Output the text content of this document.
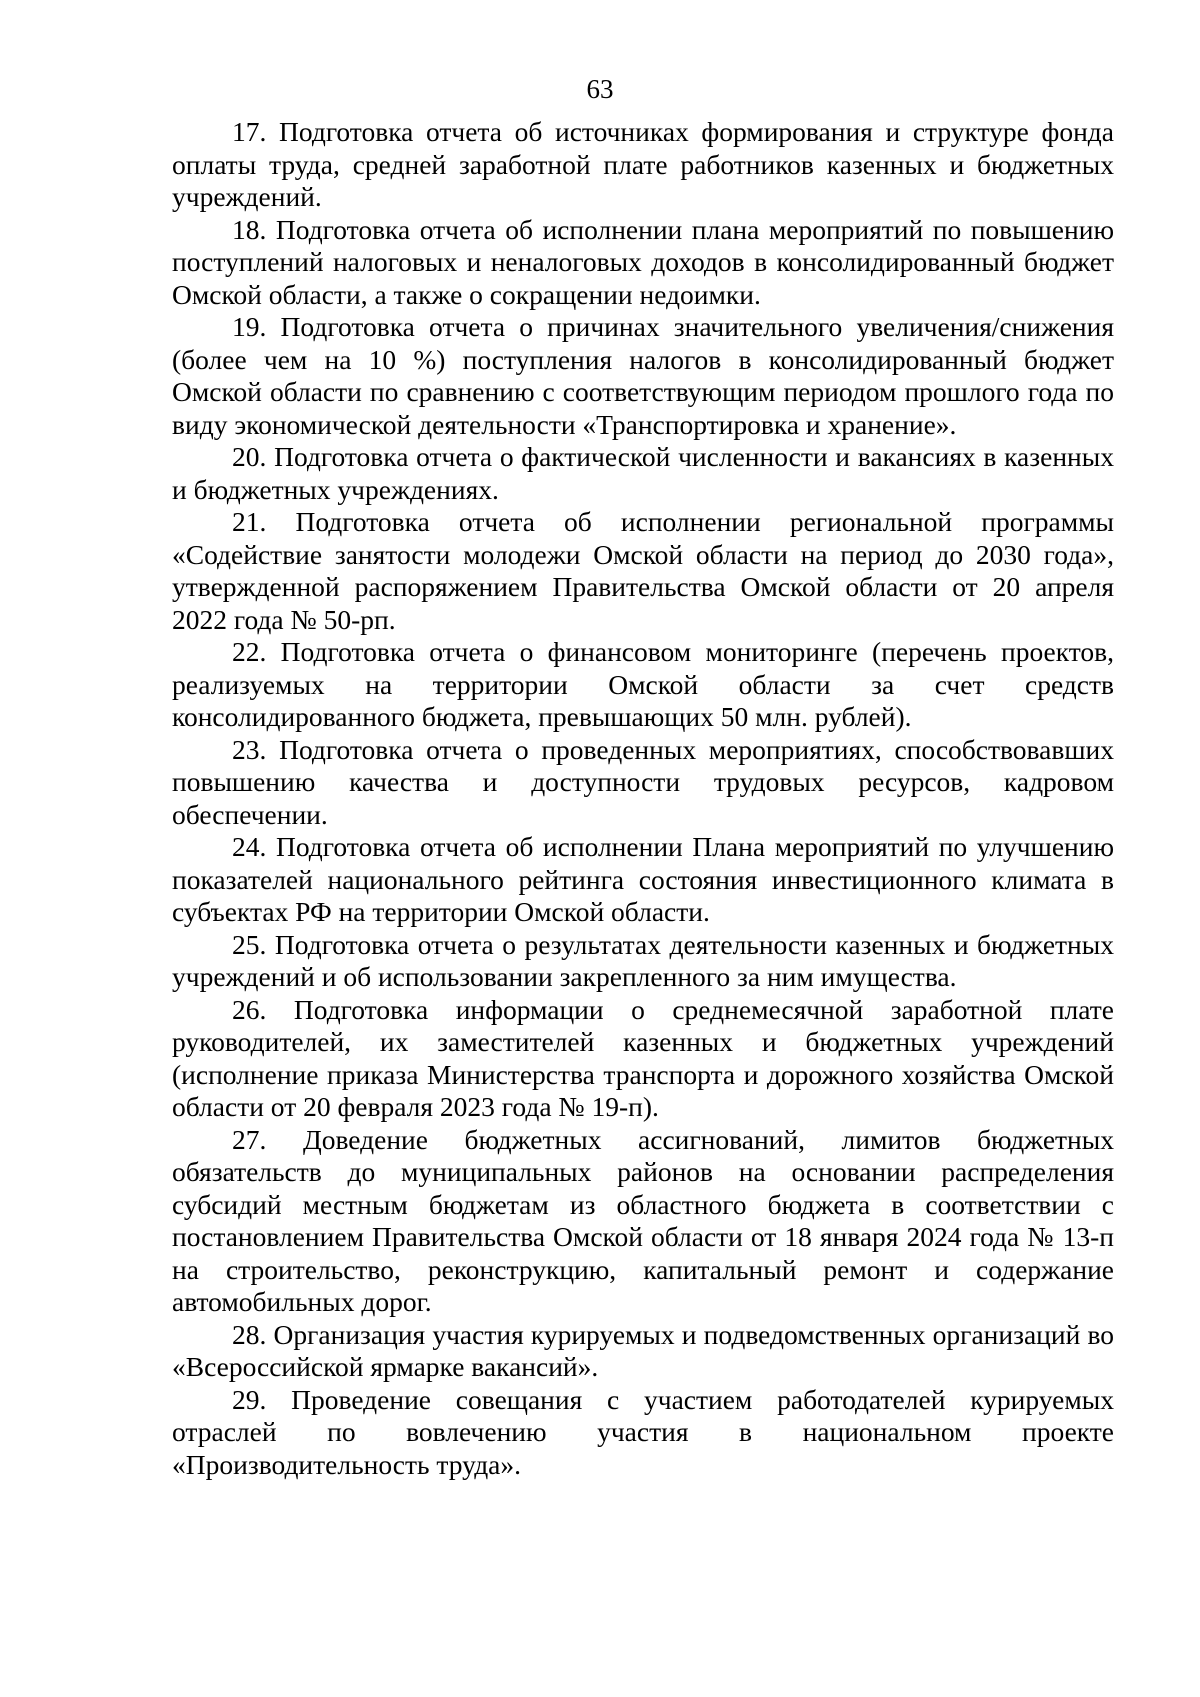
63

17. Подготовка отчета об источниках формирования и структуре фонда оплаты труда, средней заработной плате работников казенных и бюджетных учреждений.

18. Подготовка отчета об исполнении плана мероприятий по повышению поступлений налоговых и неналоговых доходов в консолидированный бюджет Омской области, а также о сокращении недоимки.

19. Подготовка отчета о причинах значительного увеличения/снижения (более чем на 10 %) поступления налогов в консолидированный бюджет Омской области по сравнению с соответствующим периодом прошлого года по виду экономической деятельности «Транспортировка и хранение».

20. Подготовка отчета о фактической численности и вакансиях в казенных и бюджетных учреждениях.

21. Подготовка отчета об исполнении региональной программы «Содействие занятости молодежи Омской области на период до 2030 года», утвержденной распоряжением Правительства Омской области от 20 апреля 2022 года № 50-рп.

22. Подготовка отчета о финансовом мониторинге (перечень проектов, реализуемых на территории Омской области за счет средств консолидированного бюджета, превышающих 50 млн. рублей).

23. Подготовка отчета о проведенных мероприятиях, способствовавших повышению качества и доступности трудовых ресурсов, кадровом обеспечении.

24. Подготовка отчета об исполнении Плана мероприятий по улучшению показателей национального рейтинга состояния инвестиционного климата в субъектах РФ на территории Омской области.

25. Подготовка отчета о результатах деятельности казенных и бюджетных учреждений и об использовании закрепленного за ним имущества.

26. Подготовка информации о среднемесячной заработной плате руководителей, их заместителей казенных и бюджетных учреждений (исполнение приказа Министерства транспорта и дорожного хозяйства Омской области от 20 февраля 2023 года № 19-п).

27. Доведение бюджетных ассигнований, лимитов бюджетных обязательств до муниципальных районов на основании распределения субсидий местным бюджетам из областного бюджета в соответствии с постановлением Правительства Омской области от 18 января 2024 года № 13-п на строительство, реконструкцию, капитальный ремонт и содержание автомобильных дорог.

28. Организация участия курируемых и подведомственных организаций во «Всероссийской ярмарке вакансий».

29. Проведение совещания с участием работодателей курируемых отраслей по вовлечению участия в национальном проекте «Производительность труда».
